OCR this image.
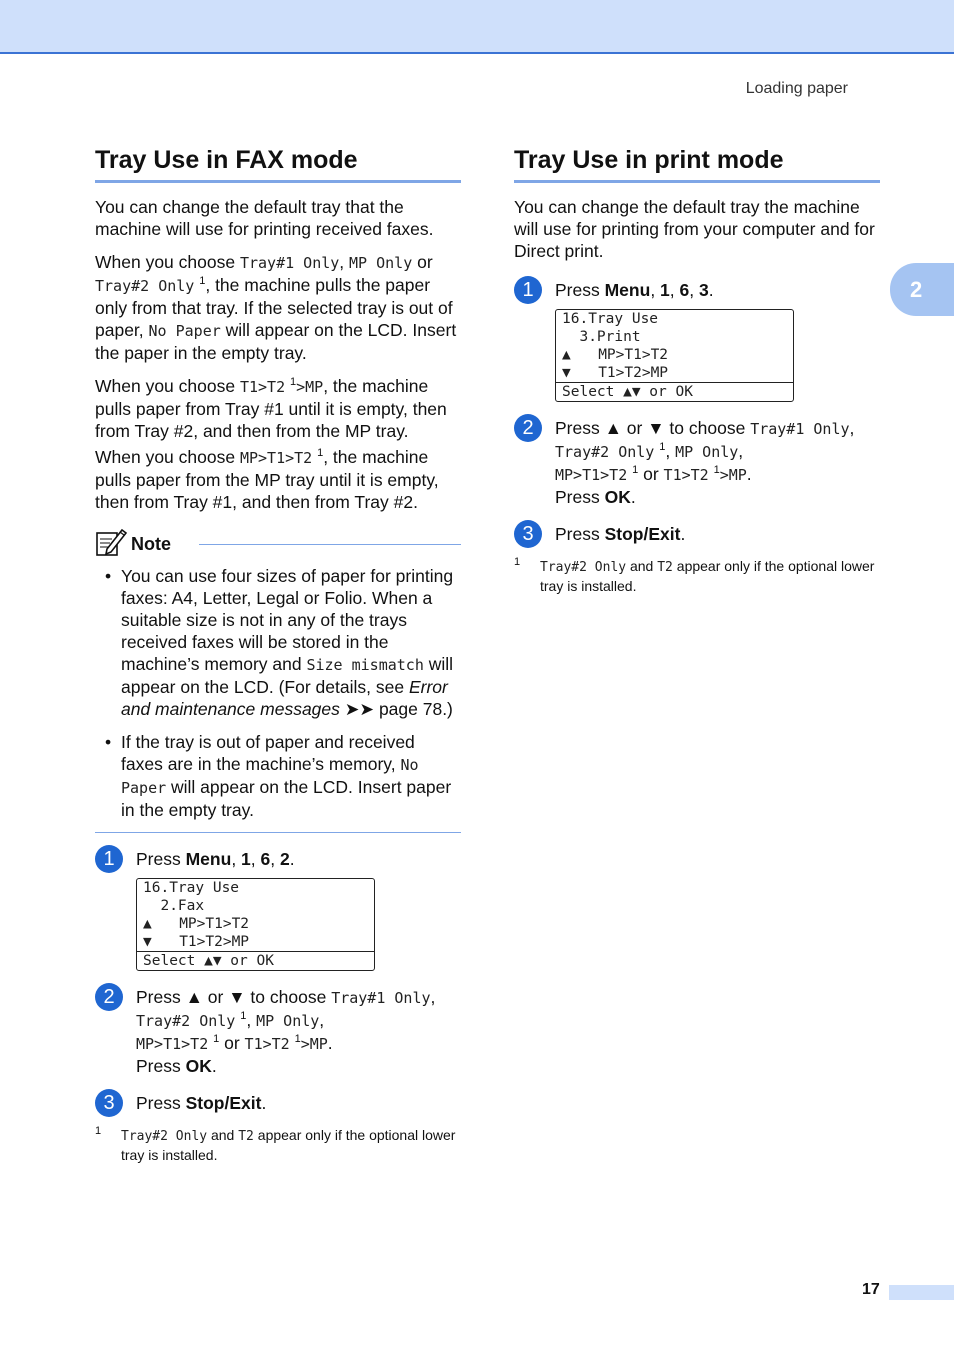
Loading paper
2
Tray Use in FAX mode

You can change the default tray that the machine will use for printing received faxes.

When you choose Tray#1 Only, MP Only or Tray#2 Only $^1$, the machine pulls the paper only from that tray. If the selected tray is out of paper, No Paper will appear on the LCD. Insert the paper in the empty tray.

When you choose T1>T2 $^1$>MP, the machine pulls paper from Tray #1 until it is empty, then from Tray #2, and then from the MP tray.

When you choose MP>T1>T2 $^1$, the machine pulls paper from the MP tray until it is empty, then from Tray #1, and then from Tray #2.

Note
• You can use four sizes of paper for printing faxes: A4, Letter, Legal or Folio. When a suitable size is not in any of the trays received faxes will be stored in the machine’s memory and Size mismatch will appear on the LCD. (For details, see Error and maintenance messages ➤➤ page 78.)
• If the tray is out of paper and received faxes are in the machine’s memory, No Paper will appear on the LCD. Insert paper in the empty tray.
1	Press Menu, 1, 6, 2.

16.Tray Use
2.Fax
▲   MP>T1>T2
▼   T1>T2>MP
Select ▲▼ or OK
2	Press ▲ or ▼ to choose Tray#1 Only,
Tray#2 Only $^1$, MP Only,
MP>T1>T2 $^1$ or T1>T2 $^1$>MP.
Press OK.

3	Press Stop/Exit.

1 Tray#2 Only and T2 appear only if the optional lower tray is installed.
Tray Use in print mode

You can change the default tray the machine will use for printing from your computer and for Direct print.

1	Press Menu, 1, 6, 3.

16.Tray Use
3.Print
▲   MP>T1>T2
▼   T1>T2>MP
Select ▲▼ or OK
2	Press ▲ or ▼ to choose Tray#1 Only,
Tray#2 Only $^1$, MP Only,
MP>T1>T2 $^1$ or T1>T2 $^1$>MP.
Press OK.

3	Press Stop/Exit.

1 Tray#2 Only and T2 appear only if the optional lower tray is installed.
17
